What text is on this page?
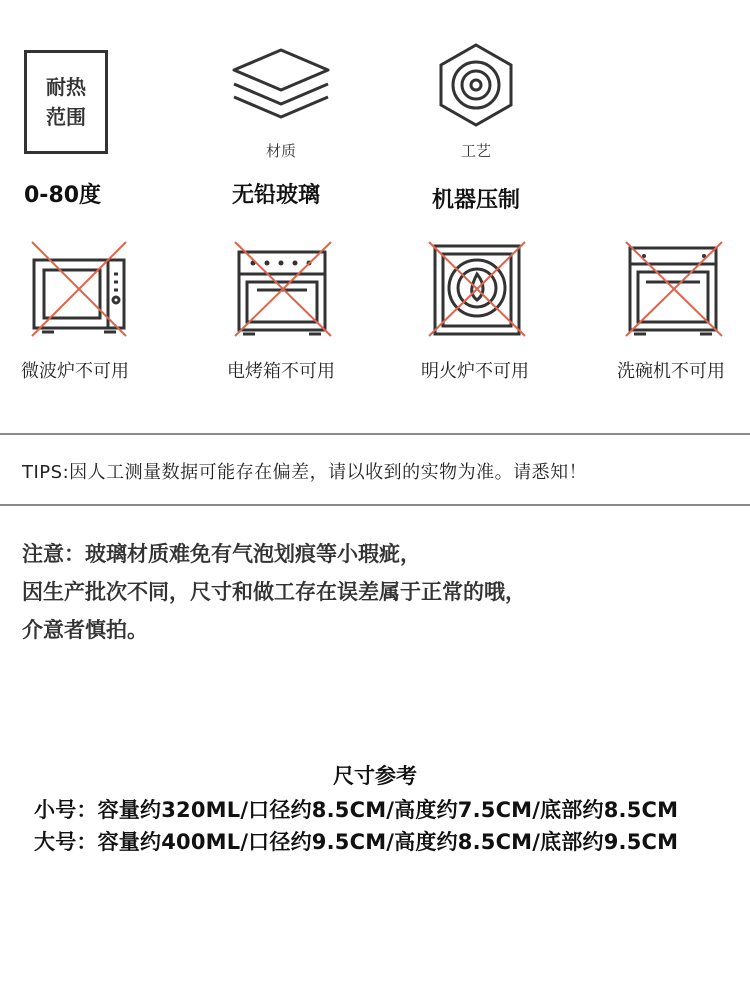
耐热
范围
0-80度
材质
无铅玻璃
工艺
机器压制
微波炉不可用	电烤箱不可用	明火炉不可用	洗碗机不可用
TIPS:因人工测量数据可能存在偏差，请以收到的实物为准。请悉知！
注意：玻璃材质难免有气泡划痕等小瑕疵，
因生产批次不同，尺寸和做工存在误差属于正常的哦，
介意者慎拍。
尺寸参考
小号：容量约320ML/口径约8.5CM/高度约7.5CM/底部约8.5CM
大号：容量约400ML/口径约9.5CM/高度约8.5CM/底部约9.5CM
